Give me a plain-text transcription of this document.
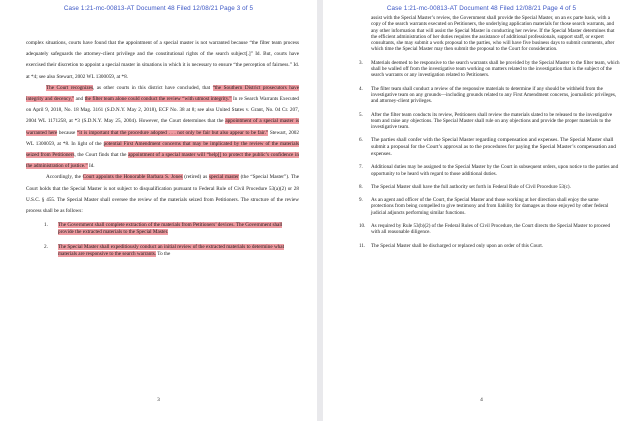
Case 1:21-mc-00813-AT Document 48 Filed 12/08/21 Page 3 of 5

complex situations, courts have found that the appointment of a special master is not warranted because “the filter team process adequately safeguards the attorney-client privilege and the constitutional rights of the search subject[.]” Id. But, courts have exercised their discretion to appoint a special master in situations in which it is necessary to ensure “the perception of fairness.” Id. at *4; see also Stewart, 2002 WL 1300059, at *8.

The Court recognizes, as other courts in this district have concluded, that “the Southern District prosecutors have integrity and decency,” and the filter team alone could conduct the review “with utmost integrity.” In re Search Warrants Executed on April 9, 2018, No. 18 Mag. 3161 (S.D.N.Y. May 2, 2018), ECF No. 38 at 8; see also United States v. Grant, No. 04 Cr. 207, 2004 WL 1171258, at *3 (S.D.N.Y. May 25, 2004). However, the Court determines that the appointment of a special master is warranted here because “it is important that the procedure adopted . . . not only be fair but also appear to be fair.” Stewart, 2002 WL 1300059, at *8. In light of the potential First Amendment concerns that may be implicated by the review of the materials seized from Petitioners, the Court finds that the appointment of a special master will “help[] to protect the public’s confidence in the administration of justice.” Id.

Accordingly, the Court appoints the Honorable Barbara S. Jones (retired) as special master (the “Special Master”). The Court holds that the Special Master is not subject to disqualification pursuant to Federal Rule of Civil Procedure 53(a)(2) or 28 U.S.C. § 455. The Special Master shall oversee the review of the materials seized from Petitioners. The structure of the review process shall be as follows:

1.	The Government shall complete extraction of the materials from Petitioners’ devices. The Government shall provide the extracted materials to the Special Master.
2.	The Special Master shall expeditiously conduct an initial review of the extracted materials to determine what materials are responsive to the search warrants. To the
3
Case 1:21-mc-00813-AT Document 48 Filed 12/08/21 Page 4 of 5
assist with the Special Master’s review, the Government shall provide the Special Master, on an ex parte basis, with a copy of the search warrants executed on Petitioners, the underlying application materials for those search warrants, and any other information that will assist the Special Master in conducting her review. If the Special Master determines that the efficient administration of her duties requires the assistance of additional professionals, support staff, or expert consultants, she may submit a work proposal to the parties, who will have five business days to submit comments, after which time the Special Master may then submit the proposal to the Court for consideration.
3.	Materials deemed to be responsive to the search warrants shall be provided by the Special Master to the filter team, which shall be walled off from the investigative team working on matters related to the investigation that is the subject of the search warrants or any investigation related to Petitioners.
4.	The filter team shall conduct a review of the responsive materials to determine if any should be withheld from the investigative team on any grounds—including grounds related to any First Amendment concerns, journalistic privileges, and attorney-client privileges.
5.	After the filter team conducts its review, Petitioners shall review the materials slated to be released to the investigative team and raise any objections. The Special Master shall rule on any objections and provide the proper materials to the investigative team.
6.	The parties shall confer with the Special Master regarding compensation and expenses. The Special Master shall submit a proposal for the Court’s approval as to the procedures for paying the Special Master’s compensation and expenses.
7.	Additional duties may be assigned to the Special Master by the Court in subsequent orders, upon notice to the parties and opportunity to be heard with regard to those additional duties.
8.	The Special Master shall have the full authority set forth in Federal Rule of Civil Procedure 53(c).
9.	As an agent and officer of the Court, the Special Master and those working at her direction shall enjoy the same protections from being compelled to give testimony and from liability for damages as those enjoyed by other federal judicial adjuncts performing similar functions.
10.	As required by Rule 53(b)(2) of the Federal Rules of Civil Procedure, the Court directs the Special Master to proceed with all reasonable diligence.
11.	The Special Master shall be discharged or replaced only upon an order of this Court.
4
